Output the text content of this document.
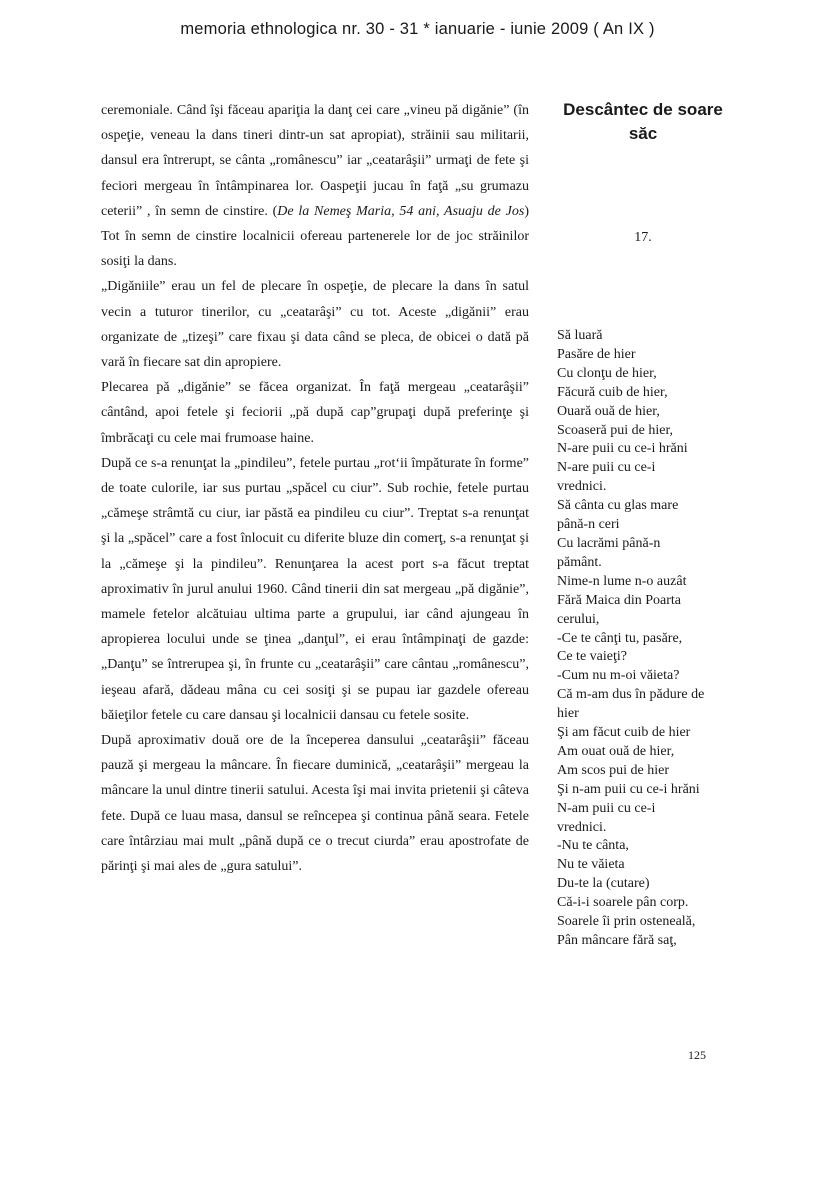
memoria ethnologica nr. 30 - 31 * ianuarie - iunie 2009 ( An IX )

ceremoniale. Când îşi făceau apariţia la danţ cei care „vineu pă digănie” (în ospeţie, veneau la dans tineri dintr-un sat apropiat), străinii sau militarii, dansul era întrerupt, se cânta „românescu” iar „ceatarâşii” urmaţi de fete şi feciori mergeau în întâmpinarea lor. Oaspeţii jucau în faţă „su grumazu ceterii” , în semn de cinstire. (De la Nemeş Maria, 54 ani, Asuaju de Jos) Tot în semn de cinstire localnicii ofereau partenerele lor de joc străinilor sosiţi la dans.

„Digăniile” erau un fel de plecare în ospeţie, de plecare la dans în satul vecin a tuturor tinerilor, cu „ceatarâşi” cu tot. Aceste „digănii” erau organizate de „tizeşi” care fixau şi data când se pleca, de obicei o dată pă vară în fiecare sat din apropiere.

Plecarea pă „digănie” se făcea organizat. În faţă mergeau „ceatarâşii” cântând, apoi fetele şi feciorii „pă după cap”grupaţi după preferinţe şi îmbrăcaţi cu cele mai frumoase haine.

După ce s-a renunţat la „pindileu”, fetele purtau „rot‘ii împăturate în forme” de toate culorile, iar sus purtau „spăcel cu ciur”. Sub rochie, fetele purtau „cămeşe strâmtă cu ciur, iar păstă ea pindileu cu ciur”. Treptat s-a renunţat şi la „spăcel” care a fost înlocuit cu diferite bluze din comerţ, s-a renunţat şi la „cămeşe şi la pindileu”. Renunţarea la acest port s-a făcut treptat aproximativ în jurul anului 1960. Când tinerii din sat mergeau „pă digănie”, mamele fetelor alcătuiau ultima parte a grupului, iar când ajungeau în apropierea locului unde se ţinea „danţul”, ei erau întâmpinaţi de gazde: „Danţu” se întrerupea şi, în frunte cu „ceatarâşii” care cântau „românescu”, ieşeau afară, dădeau mâna cu cei sosiţi şi se pupau iar gazdele ofereau băieţilor fetele cu care dansau şi localnicii dansau cu fetele sosite.

După aproximativ două ore de la începerea dansului „ceatarâşii” făceau pauză şi mergeau la mâncare. În fiecare duminică, „ceatarâşii” mergeau la mâncare la unul dintre tinerii satului. Acesta îşi mai invita prietenii şi câteva fete. După ce luau masa, dansul se reîncepea şi continua până seara. Fetele care întârziau mai mult „până după ce o trecut ciurda” erau apostrofate de părinţi şi mai ales de „gura satului”.

Descântec de soare
săc
17.
Să luară
Pasăre de hier
Cu clonţu de hier,
Făcură cuib de hier,
Ouară ouă de hier,
Scoaseră pui de hier,
N-are puii cu ce-i hrăni
N-are puii cu ce-i
vrednici.
Să cânta cu glas mare
până-n ceri
Cu lacrămi până-n
pământ.
Nime-n lume n-o auzât
Fără Maica din Poarta
cerului,
-Ce te cânţi tu, pasăre,
Ce te vaieţi?
-Cum nu m-oi văieta?
Că m-am dus în pădure de
hier
Şi am făcut cuib de hier
Am ouat ouă de hier,
Am scos pui de hier
Şi n-am puii cu ce-i hrăni
N-am puii cu ce-i
vrednici.
-Nu te cânta,
Nu te văieta
Du-te la (cutare)
Că-i-i soarele pân corp.
Soarele îi prin osteneală,
Pân mâncare fără saţ,
125
